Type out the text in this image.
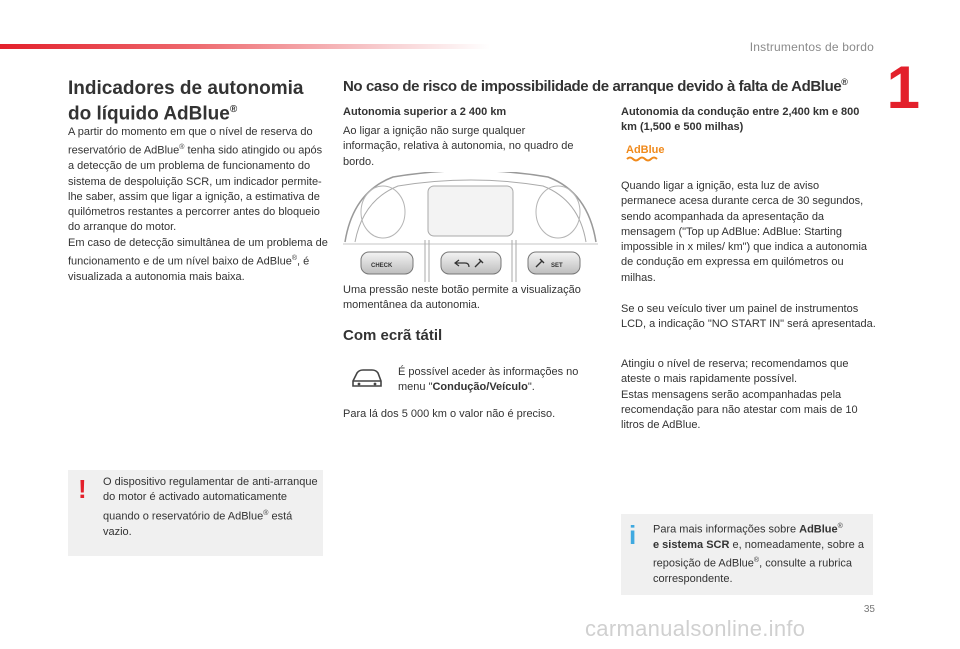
Instrumentos de bordo
1
Indicadores de autonomia do líquido AdBlue®
A partir do momento em que o nível de reserva do reservatório de AdBlue® tenha sido atingido ou após a detecção de um problema de funcionamento do sistema de despoluição SCR, um indicador permite-lhe saber, assim que ligar a ignição, a estimativa de quilómetros restantes a percorrer antes do bloqueio do arranque do motor.
Em caso de detecção simultânea de um problema de funcionamento e de um nível baixo de AdBlue®, é visualizada a autonomia mais baixa.
! O dispositivo regulamentar de anti-arranque do motor é activado automaticamente quando o reservatório de AdBlue® está vazio.
No caso de risco de impossibilidade de arranque devido à falta de AdBlue®
Autonomia superior a 2 400 km
Ao ligar a ignição não surge qualquer informação, relativa à autonomia, no quadro de bordo.
CHECK	SET
Uma pressão neste botão permite a visualização momentânea da autonomia.
Com ecrã tátil
É possível aceder às informações no menu "Condução/Veículo".
Para lá dos 5 000 km o valor não é preciso.
Autonomia da condução entre 2,400 km e 800 km (1,500 e 500 milhas)
AdBlue
Quando ligar a ignição, esta luz de aviso permanece acesa durante cerca de 30 segundos, sendo acompanhada da apresentação da mensagem ("Top up AdBlue: AdBlue: Starting impossible in x miles/ km") que indica a autonomia de condução em expressa em quilómetros ou milhas.
Se o seu veículo tiver um painel de instrumentos LCD, a indicação "NO START IN" será apresentada.
Atingiu o nível de reserva; recomendamos que ateste o mais rapidamente possível.
Estas mensagens serão acompanhadas pela recomendação para não atestar com mais de 10 litros de AdBlue.
i Para mais informações sobre AdBlue®
e sistema SCR e, nomeadamente, sobre a reposição de AdBlue®, consulte a rubrica correspondente.
35
carmanualsonline.info
